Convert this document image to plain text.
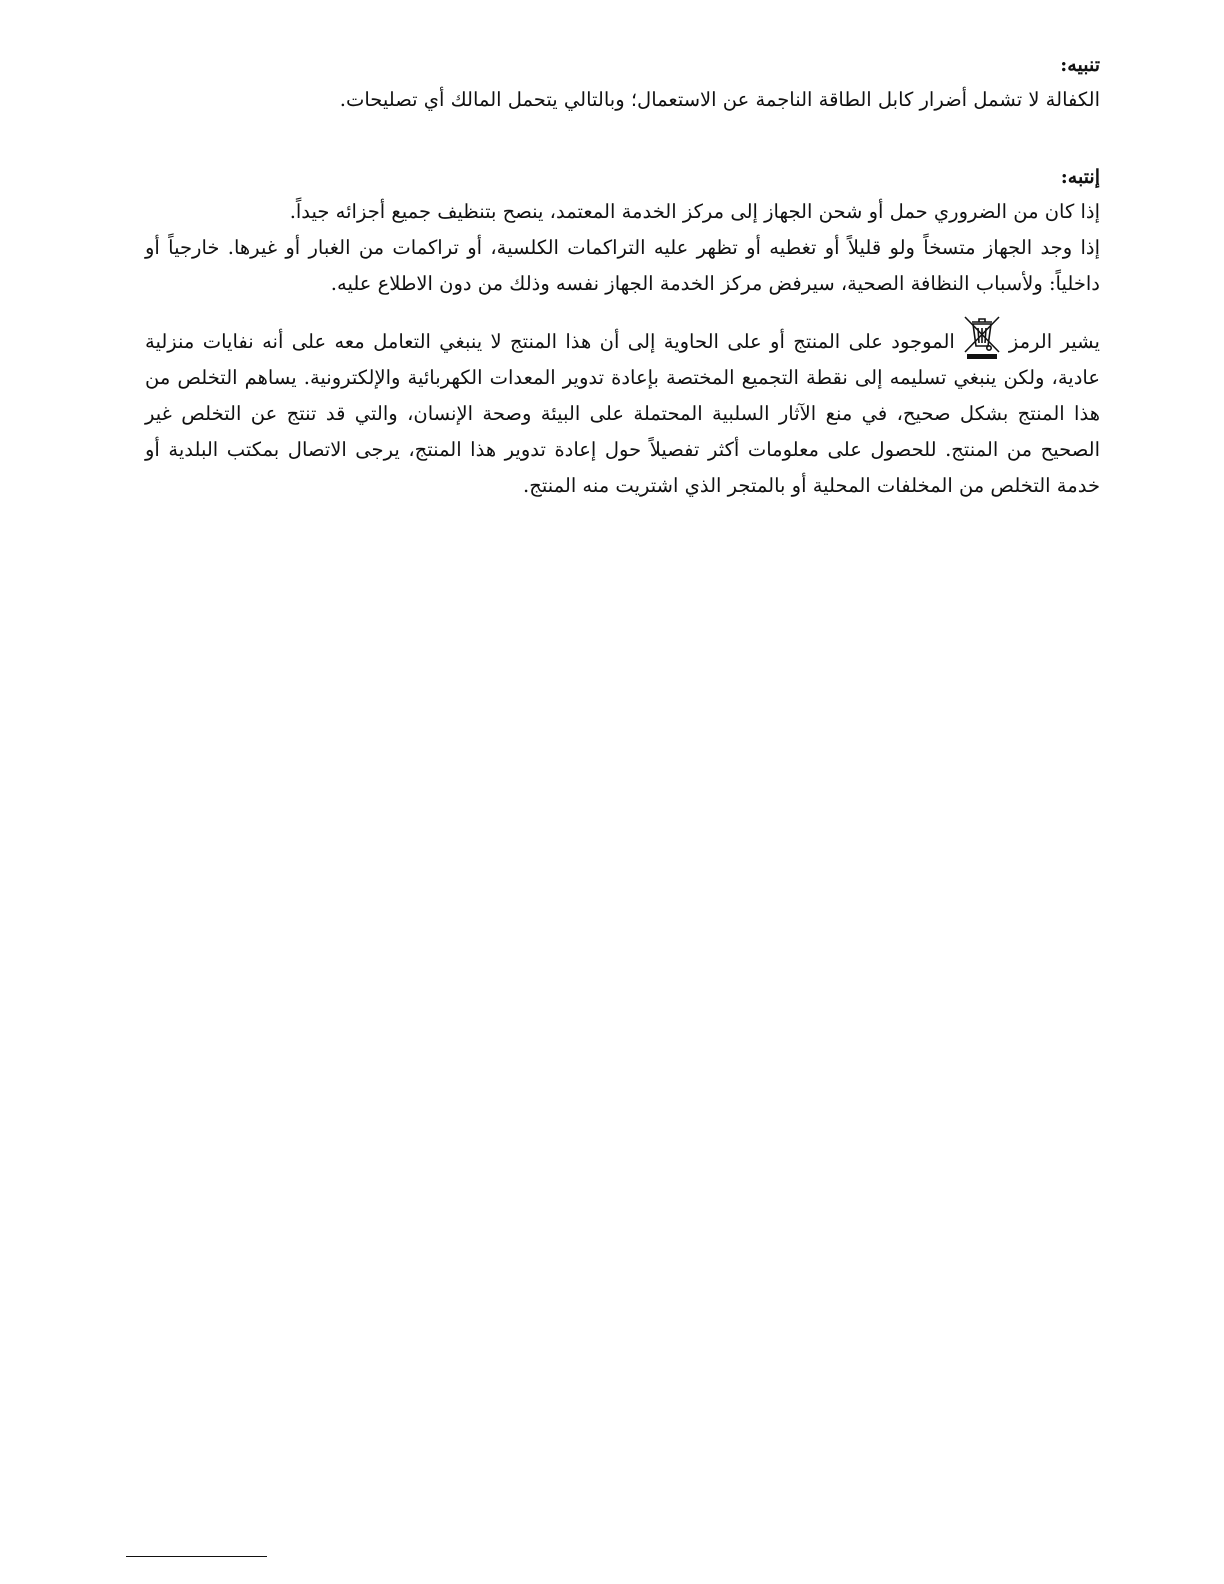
تنبيه:

الكفالة لا تشمل أضرار كابل الطاقة الناجمة عن الاستعمال؛ وبالتالي يتحمل المالك أي تصليحات.

إنتبه:

إذا كان من الضروري حمل أو شحن الجهاز إلى مركز الخدمة المعتمد، ينصح بتنظيف جميع أجزائه جيداً.

إذا وجد الجهاز متسخاً ولو قليلاً أو تغطيه أو تظهر عليه التراكمات الكلسية، أو تراكمات من الغبار أو غيرها. خارجياً أو داخلياً: ولأسباب النظافة الصحية، سيرفض مركز الخدمة الجهاز نفسه وذلك من دون الاطلاع عليه.

يشير الرمز
الموجود على المنتج أو على الحاوية إلى أن هذا المنتج لا ينبغي التعامل معه على أنه نفايات منزلية عادية، ولكن ينبغي تسليمه إلى نقطة التجميع المختصة بإعادة تدوير المعدات الكهربائية والإلكترونية. يساهم التخلص من هذا المنتج بشكل صحيح، في منع الآثار السلبية المحتملة على البيئة وصحة الإنسان، والتي قد تنتج عن التخلص غير الصحيح من المنتج. للحصول على معلومات أكثر تفصيلاً حول إعادة تدوير هذا المنتج، يرجى الاتصال بمكتب البلدية أو خدمة التخلص من المخلفات المحلية أو بالمتجر الذي اشتريت منه المنتج.
